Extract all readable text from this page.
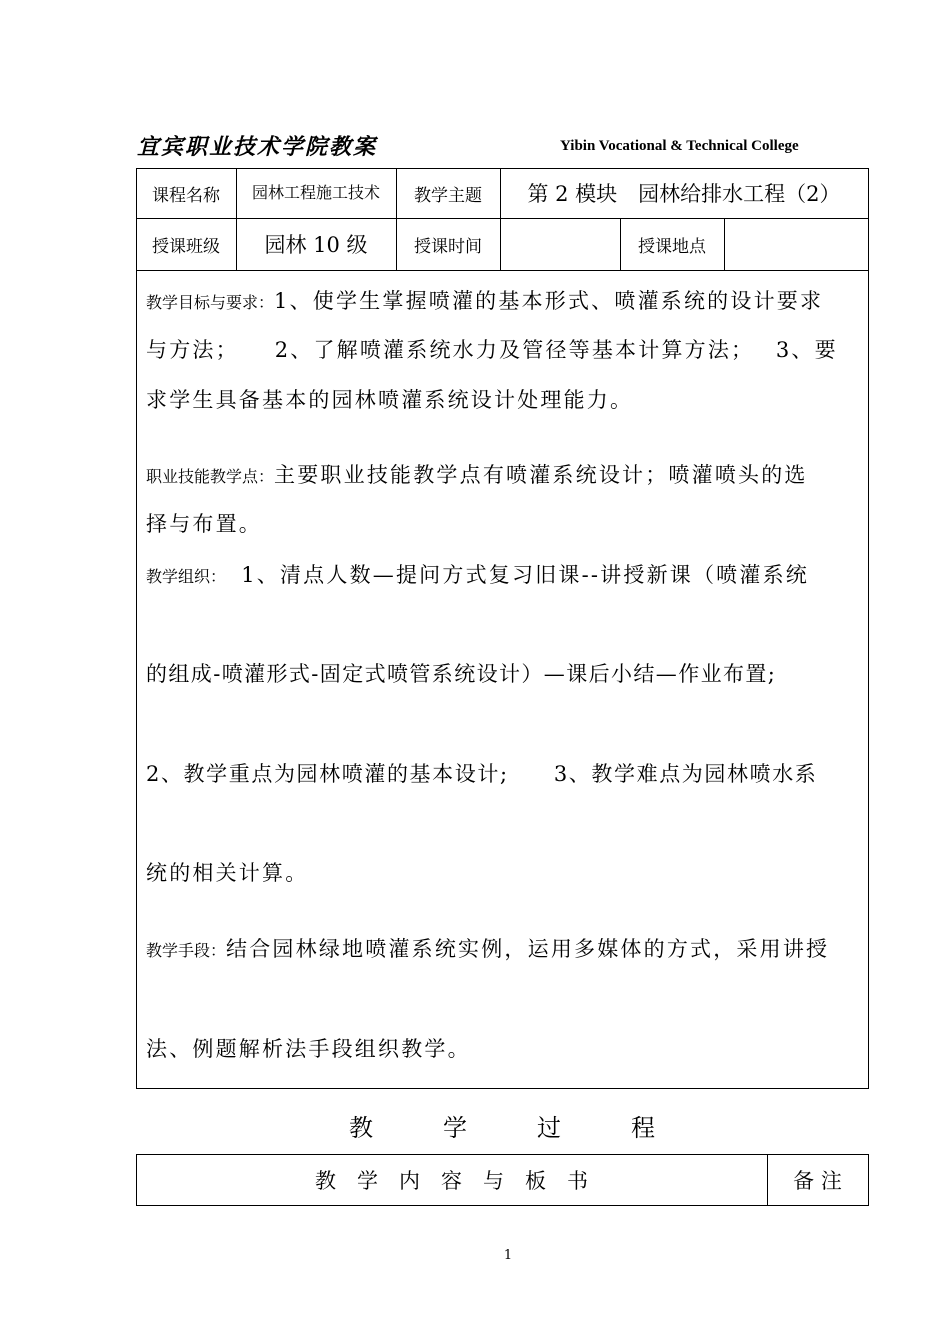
宜宾职业技术学院教案	Yibin Vocational & Technical College
课程名称	园林工程施工技术	教学主题	第 2 模块　园林给排水工程（2）
授课班级	园林 10 级	授课时间	授课地点
教学目标与要求：1、使学生掌握喷灌的基本形式、喷灌系统的设计要求
与方法；　　2、了解喷灌系统水力及管径等基本计算方法；　 3、要
求学生具备基本的园林喷灌系统设计处理能力。
职业技能教学点：主要职业技能教学点有喷灌系统设计；喷灌喷头的选
择与布置。
教学组织：　1、清点人数—提问方式复习旧课--讲授新课（喷灌系统
的组成-喷灌形式-固定式喷管系统设计）—课后小结—作业布置;
2、教学重点为园林喷灌的基本设计;　　3、教学难点为园林喷水系
统的相关计算。
教学手段：结合园林绿地喷灌系统实例，运用多媒体的方式，采用讲授
法、例题解析法手段组织教学。
教学过程
教　学　内　容　与　板　书	备 注
1
